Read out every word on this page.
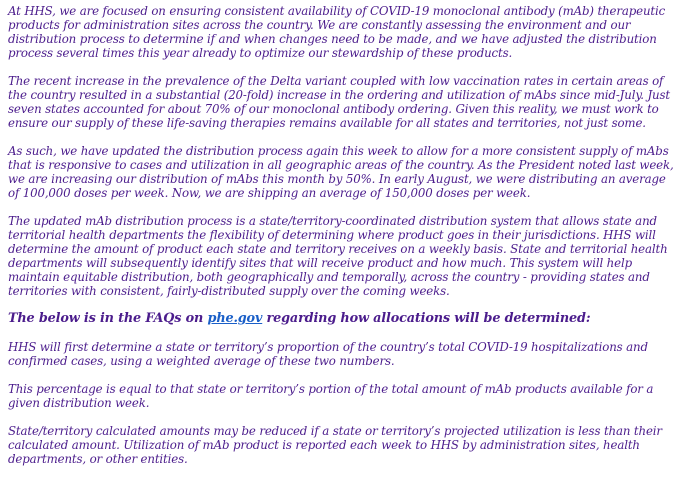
At HHS, we are focused on ensuring consistent availability of COVID-19 monoclonal antibody (mAb) therapeutic products for administration sites across the country. We are constantly assessing the environment and our distribution process to determine if and when changes need to be made, and we have adjusted the distribution process several times this year already to optimize our stewardship of these products.

The recent increase in the prevalence of the Delta variant coupled with low vaccination rates in certain areas of the country resulted in a substantial (20-fold) increase in the ordering and utilization of mAbs since mid-July. Just seven states accounted for about 70% of our monoclonal antibody ordering. Given this reality, we must work to ensure our supply of these life-saving therapies remains available for all states and territories, not just some.

As such, we have updated the distribution process again this week to allow for a more consistent supply of mAbs that is responsive to cases and utilization in all geographic areas of the country. As the President noted last week, we are increasing our distribution of mAbs this month by 50%. In early August, we were distributing an average of 100,000 doses per week. Now, we are shipping an average of 150,000 doses per week.

The updated mAb distribution process is a state/territory-coordinated distribution system that allows state and territorial health departments the flexibility of determining where product goes in their jurisdictions. HHS will determine the amount of product each state and territory receives on a weekly basis. State and territorial health departments will subsequently identify sites that will receive product and how much. This system will help maintain equitable distribution, both geographically and temporally, across the country - providing states and territories with consistent, fairly-distributed supply over the coming weeks.

The below is in the FAQs on phe.gov regarding how allocations will be determined:

HHS will first determine a state or territory’s proportion of the country’s total COVID-19 hospitalizations and confirmed cases, using a weighted average of these two numbers.

This percentage is equal to that state or territory’s portion of the total amount of mAb products available for a given distribution week.

State/territory calculated amounts may be reduced if a state or territory’s projected utilization is less than their calculated amount. Utilization of mAb product is reported each week to HHS by administration sites, health departments, or other entities.
